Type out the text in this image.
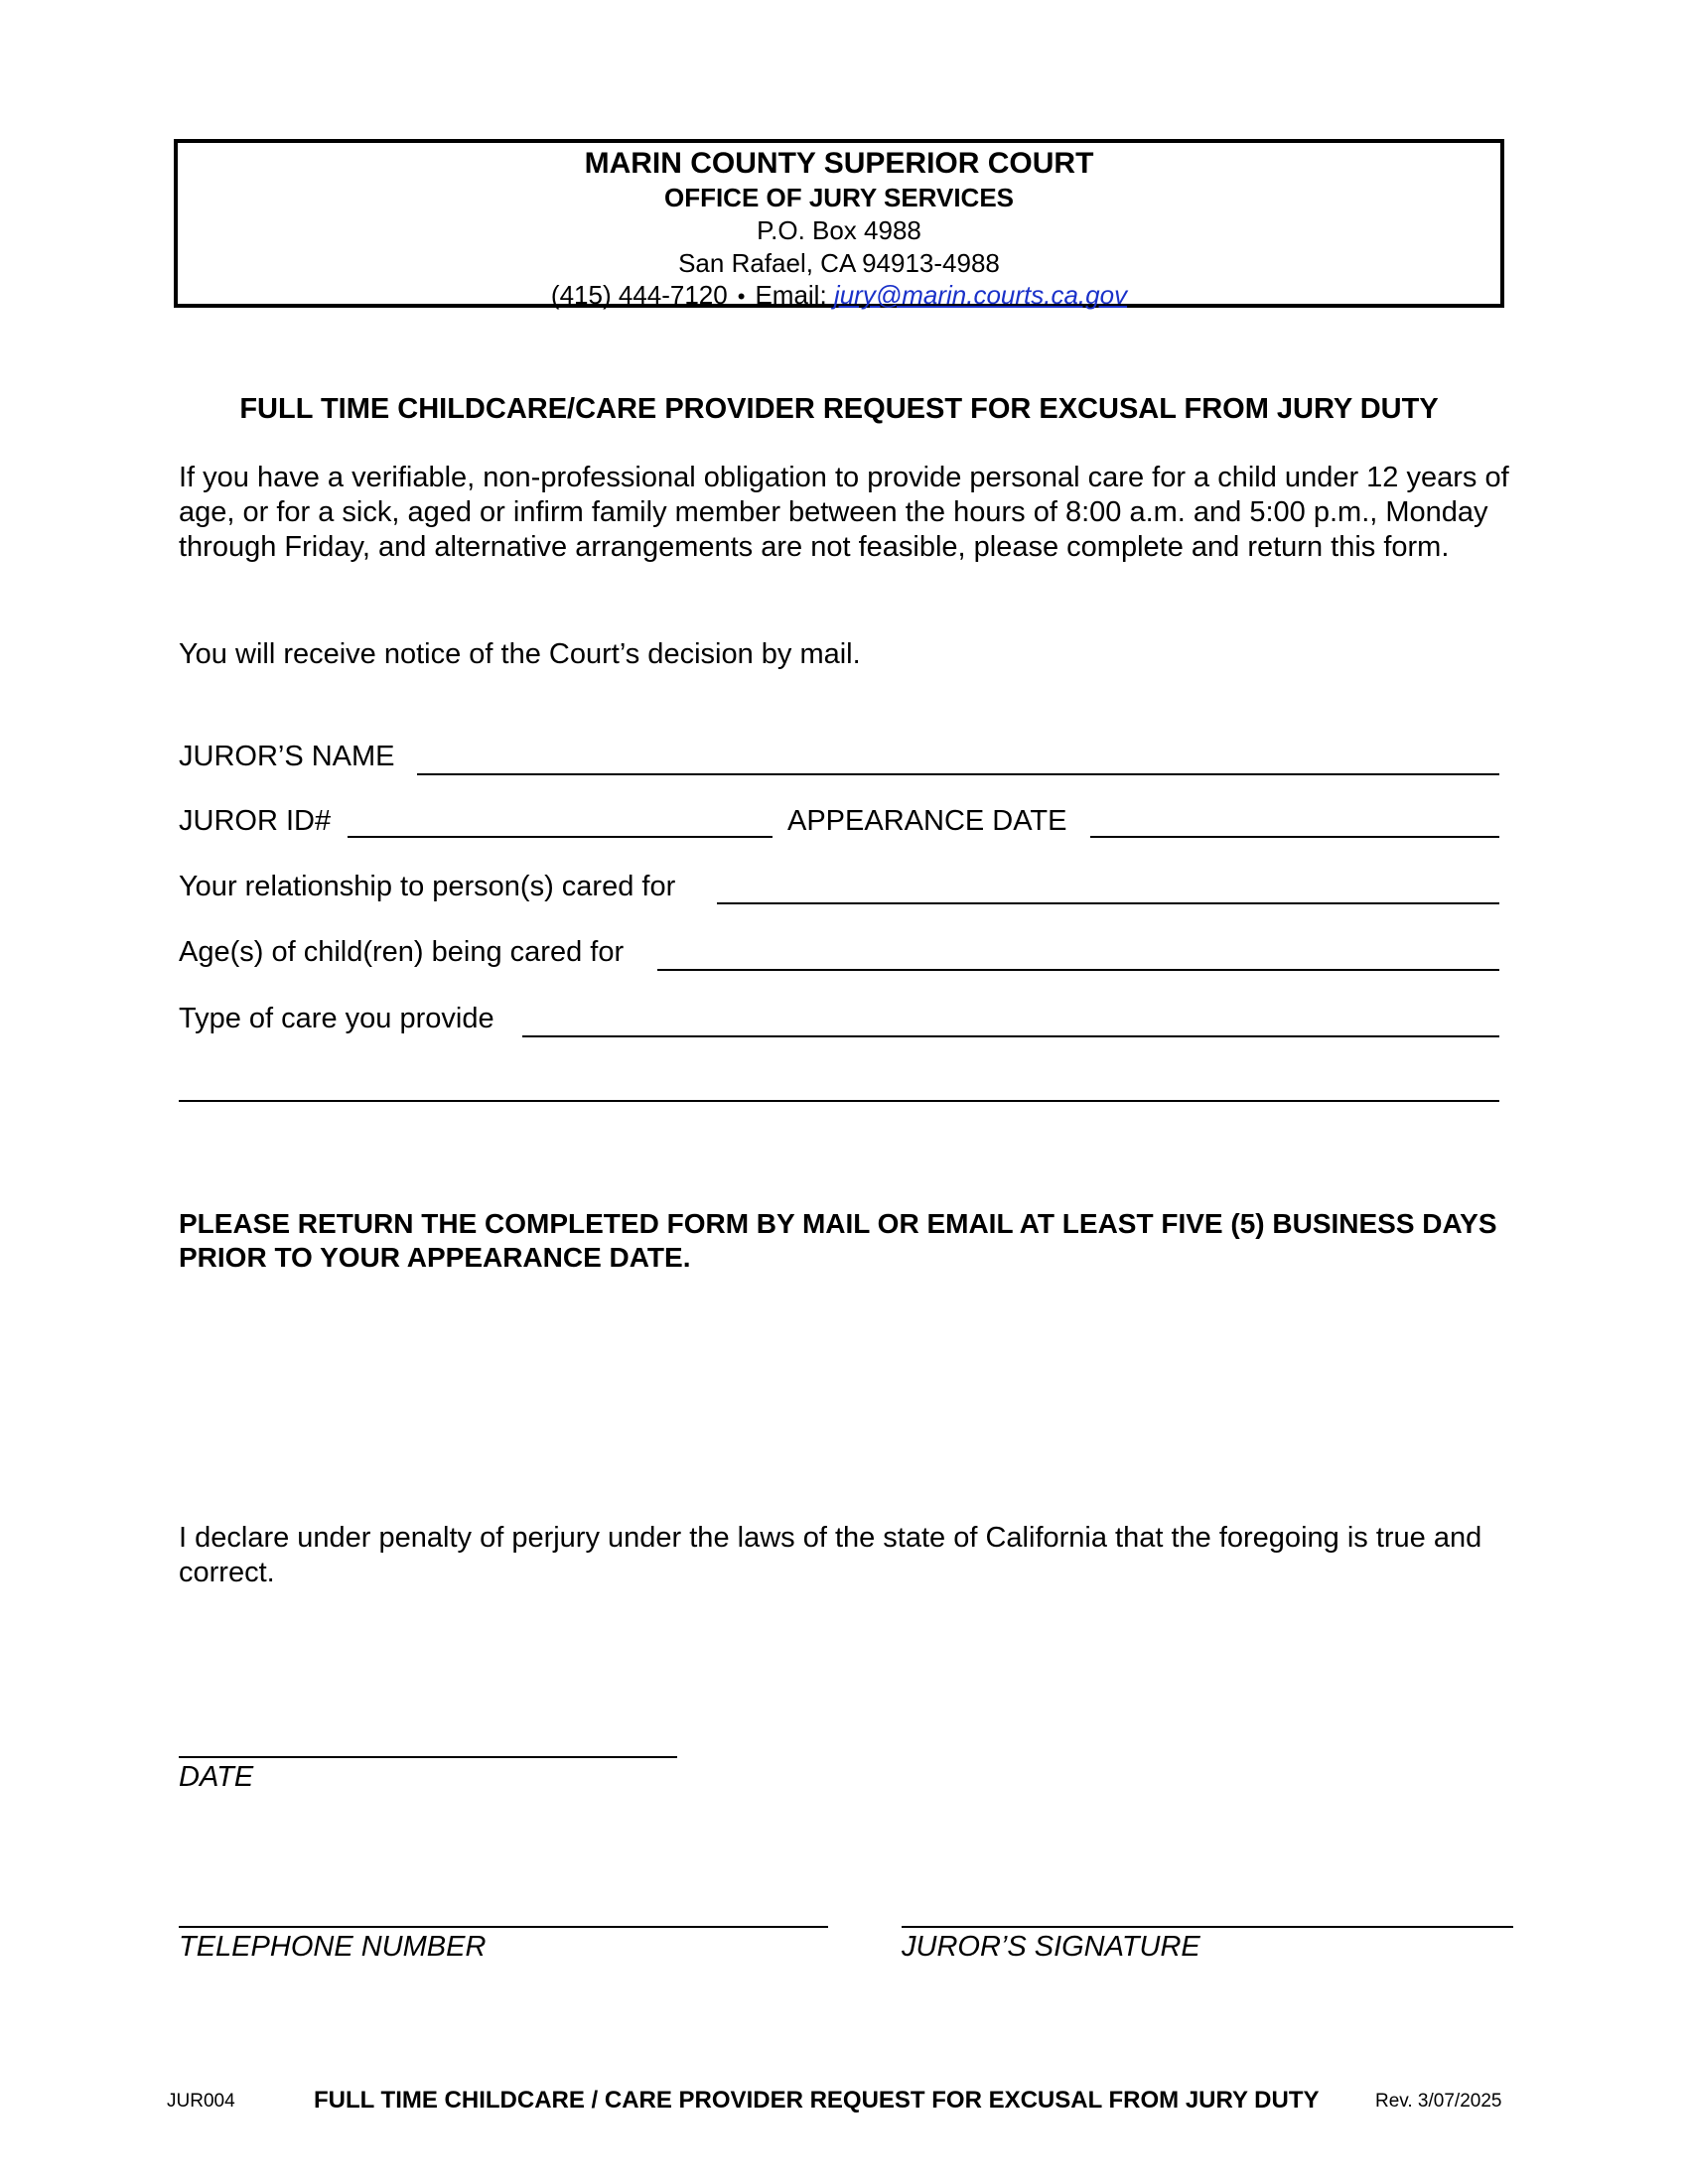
MARIN COUNTY SUPERIOR COURT
OFFICE OF JURY SERVICES
P.O. Box 4988
San Rafael, CA 94913-4988
(415) 444-7120 • Email: jury@marin.courts.ca.gov
FULL TIME CHILDCARE/CARE PROVIDER REQUEST FOR EXCUSAL FROM JURY DUTY
If you have a verifiable, non-professional obligation to provide personal care for a child under 12 years of age, or for a sick, aged or infirm family member between the hours of 8:00 a.m. and 5:00 p.m., Monday through Friday, and alternative arrangements are not feasible, please complete and return this form.
You will receive notice of the Court’s decision by mail.
JUROR’S NAME
JUROR ID#	APPEARANCE DATE
Your relationship to person(s) cared for
Age(s) of child(ren) being cared for
Type of care you provide
PLEASE RETURN THE COMPLETED FORM BY MAIL OR EMAIL AT LEAST FIVE (5) BUSINESS DAYS PRIOR TO YOUR APPEARANCE DATE.
I declare under penalty of perjury under the laws of the state of California that the foregoing is true and correct.
DATE
TELEPHONE NUMBER	JUROR’S SIGNATURE
JUR004	FULL TIME CHILDCARE / CARE PROVIDER REQUEST FOR EXCUSAL FROM JURY DUTY	Rev. 3/07/2025
